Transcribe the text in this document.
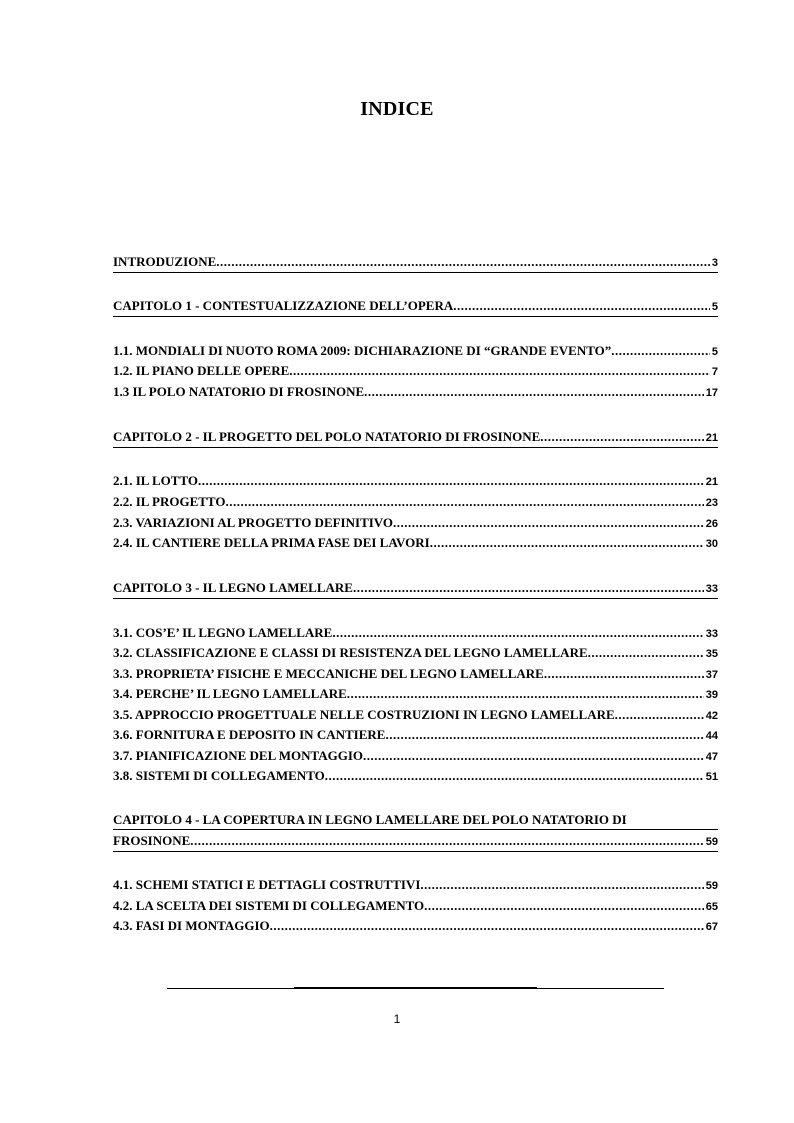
INDICE
INTRODUZIONE .....	3
CAPITOLO 1 - CONTESTUALIZZAZIONE DELL’OPERA .....	5
1.1. MONDIALI DI NUOTO ROMA 2009: DICHIARAZIONE DI “GRANDE EVENTO” .....	5
1.2. IL PIANO DELLE OPERE .....	7
1.3 IL POLO NATATORIO DI FROSINONE .....	17
CAPITOLO 2 - IL PROGETTO DEL POLO NATATORIO DI FROSINONE .....	21
2.1. IL LOTTO .....	21
2.2. IL PROGETTO .....	23
2.3. VARIAZIONI AL PROGETTO DEFINITIVO .....	26
2.4. IL CANTIERE DELLA PRIMA FASE DEI LAVORI .....	30
CAPITOLO 3 - IL LEGNO LAMELLARE .....	33
3.1. COS’E’ IL LEGNO LAMELLARE .....	33
3.2. CLASSIFICAZIONE E CLASSI DI RESISTENZA DEL LEGNO LAMELLARE .....	35
3.3. PROPRIETA’ FISICHE E MECCANICHE DEL LEGNO LAMELLARE .....	37
3.4. PERCHE’ IL LEGNO LAMELLARE .....	39
3.5. APPROCCIO PROGETTUALE NELLE COSTRUZIONI IN LEGNO LAMELLARE .....	42
3.6. FORNITURA E DEPOSITO IN CANTIERE .....	44
3.7. PIANIFICAZIONE DEL MONTAGGIO .....	47
3.8. SISTEMI DI COLLEGAMENTO .....	51
CAPITOLO 4 - LA COPERTURA IN LEGNO LAMELLARE DEL POLO NATATORIO DI
FROSINONE .....	59
4.1. SCHEMI STATICI E DETTAGLI COSTRUTTIVI .....	59
4.2. LA SCELTA DEI SISTEMI DI COLLEGAMENTO .....	65
4.3. FASI DI MONTAGGIO .....	67
1
